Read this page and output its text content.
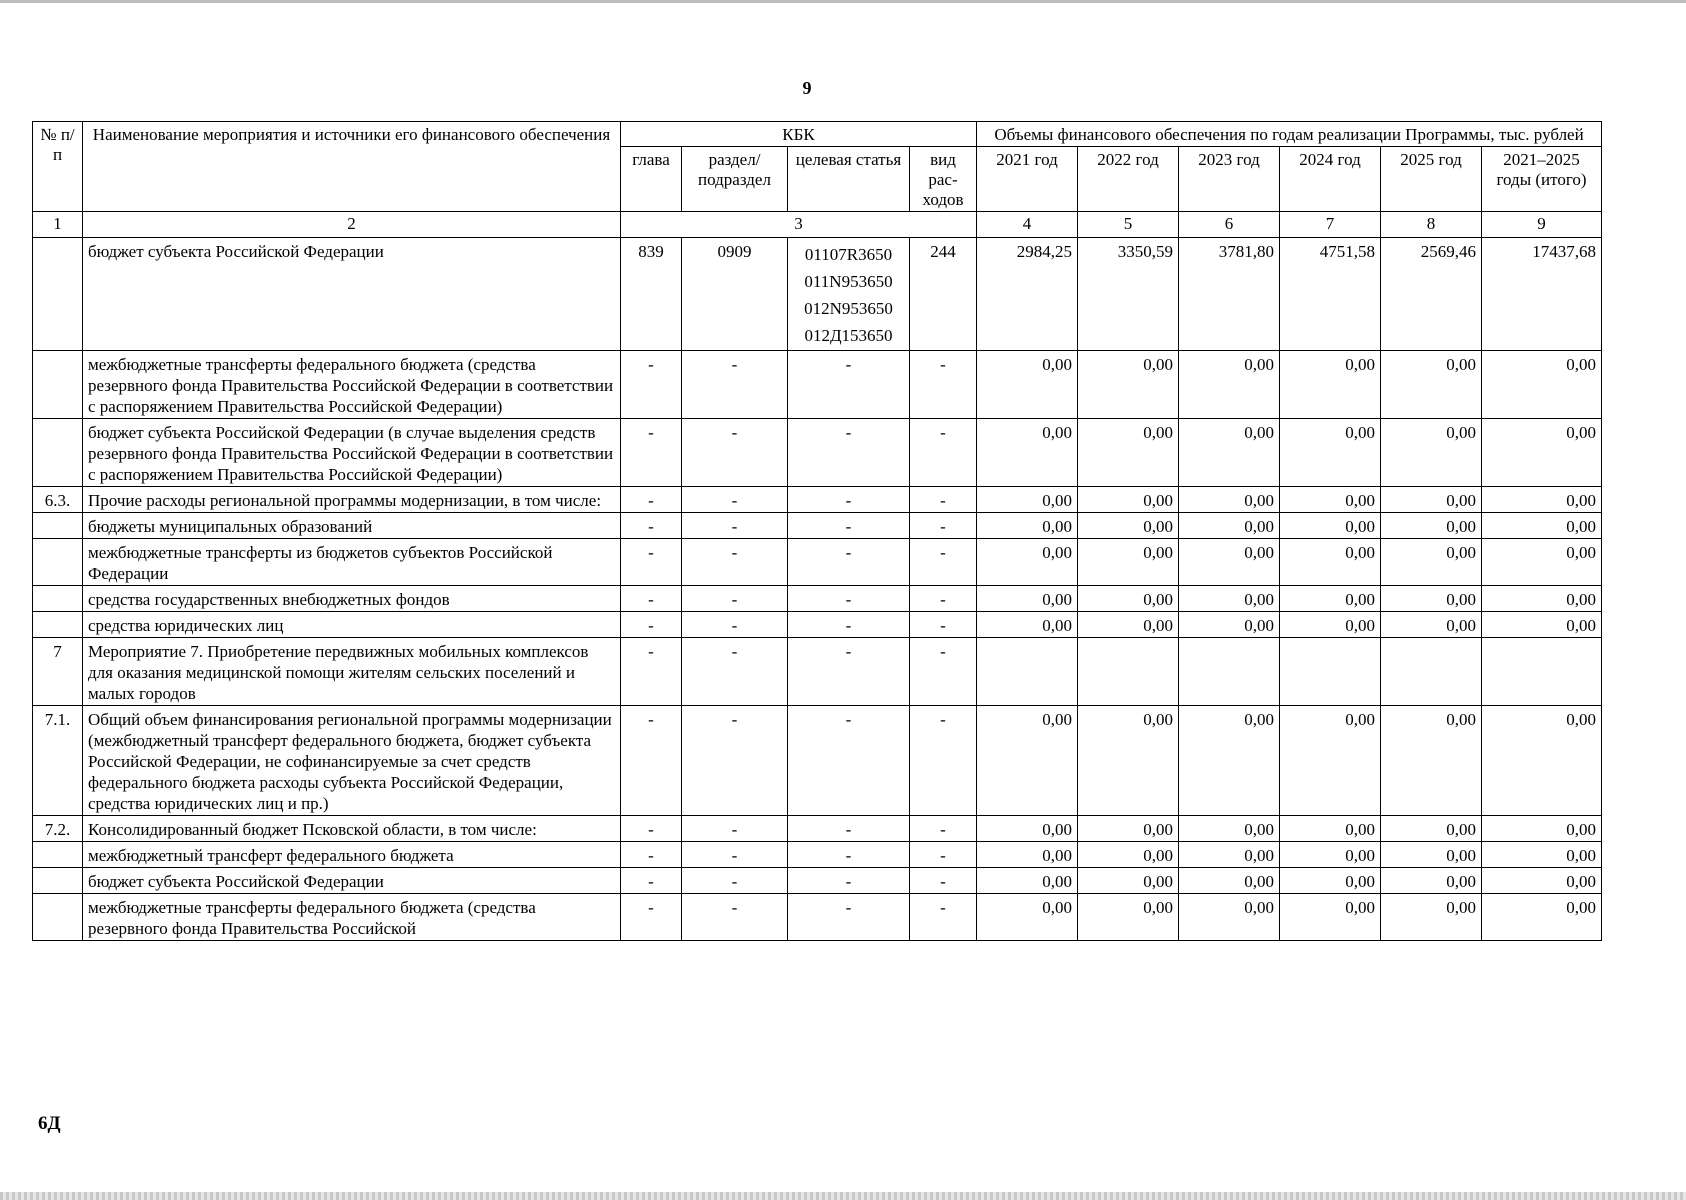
9
№ п/п	Наименование мероприятия и источники его финансового обеспечения	КБК				Объемы финансового обеспечения по годам реализации Программы, тыс. рублей					
		глава	раздел/ подраздел	целевая статья	вид рас-ходов	2021 год	2022 год	2023 год	2024 год	2025 год	2021–2025 годы (итого)
1	2	3				4	5	6	7	8	9
	бюджет субъекта Российской Федерации	839	0909	01107R3650
011N953650
012N953650
012Д153650	244	2984,25	3350,59	3781,80	4751,58	2569,46	17437,68
	межбюджетные трансферты федерального бюджета (средства резервного фонда Правительства Российской Федерации в соответствии с распоряжением Правительства Российской Федерации)	-	-	-	-	0,00	0,00	0,00	0,00	0,00	0,00
	бюджет субъекта Российской Федерации (в случае выделения средств резервного фонда Правительства Российской Федерации в соответствии с распоряжением Правительства Российской Федерации)	-	-	-	-	0,00	0,00	0,00	0,00	0,00	0,00
6.3.	Прочие расходы региональной программы модернизации, в том числе:	-	-	-	-	0,00	0,00	0,00	0,00	0,00	0,00
	бюджеты муниципальных образований	-	-	-	-	0,00	0,00	0,00	0,00	0,00	0,00
	межбюджетные трансферты из бюджетов субъектов Российской Федерации	-	-	-	-	0,00	0,00	0,00	0,00	0,00	0,00
	средства государственных внебюджетных фондов	-	-	-	-	0,00	0,00	0,00	0,00	0,00	0,00
	средства юридических лиц	-	-	-	-	0,00	0,00	0,00	0,00	0,00	0,00
7	Мероприятие 7. Приобретение передвижных мобильных комплексов для оказания медицинской помощи жителям сельских поселений и малых городов	-	-	-	-						
7.1.	Общий объем финансирования региональной программы модернизации (межбюджетный трансферт федерального бюджета, бюджет субъекта Российской Федерации, не софинансируемые за счет средств федерального бюджета расходы субъекта Российской Федерации, средства юридических лиц и пр.)	-	-	-	-	0,00	0,00	0,00	0,00	0,00	0,00
7.2.	Консолидированный бюджет Псковской области, в том числе:	-	-	-	-	0,00	0,00	0,00	0,00	0,00	0,00
	межбюджетный трансферт федерального бюджета	-	-	-	-	0,00	0,00	0,00	0,00	0,00	0,00
	бюджет субъекта Российской Федерации	-	-	-	-	0,00	0,00	0,00	0,00	0,00	0,00
	межбюджетные трансферты федерального бюджета (средства резервного фонда Правительства Российской	-	-	-	-	0,00	0,00	0,00	0,00	0,00	0,00
6Д
